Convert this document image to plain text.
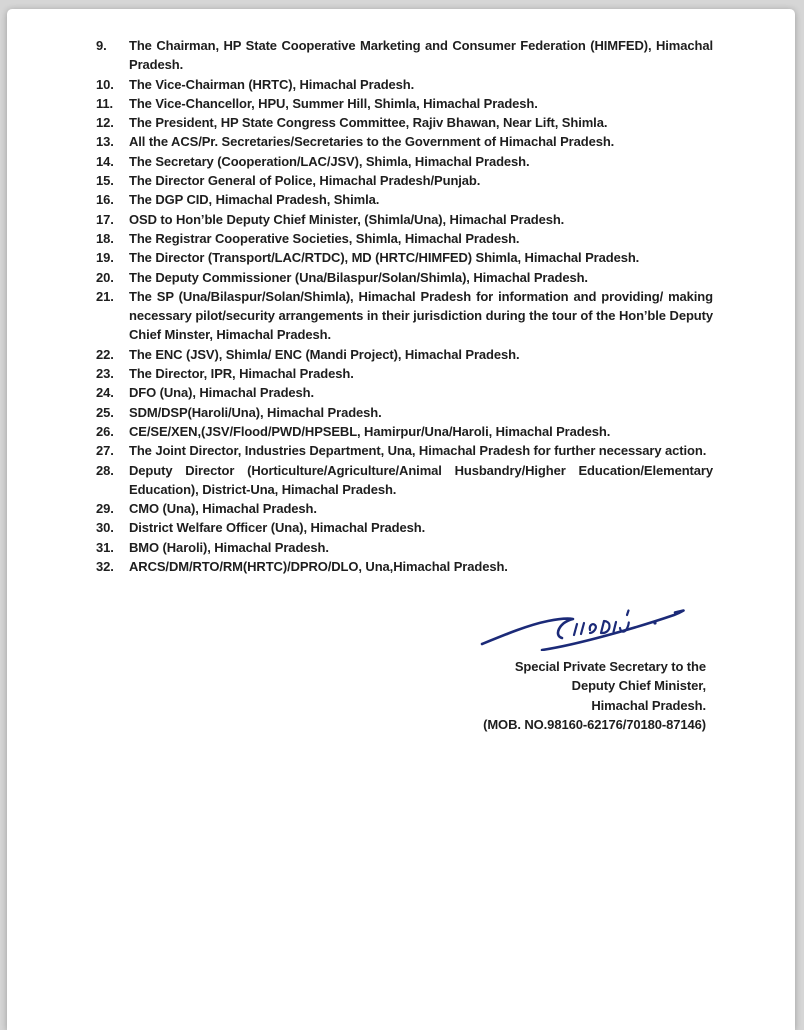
9.	The Chairman, HP State Cooperative Marketing and Consumer Federation (HIMFED), Himachal Pradesh.
10.	The Vice-Chairman (HRTC), Himachal Pradesh.
11.	The Vice-Chancellor, HPU, Summer Hill, Shimla, Himachal Pradesh.
12.	The President, HP State Congress Committee, Rajiv Bhawan, Near Lift, Shimla.
13.	All the ACS/Pr. Secretaries/Secretaries to the Government of Himachal Pradesh.
14.	The Secretary (Cooperation/LAC/JSV), Shimla, Himachal Pradesh.
15.	The Director General of Police, Himachal Pradesh/Punjab.
16.	The DGP CID, Himachal Pradesh, Shimla.
17.	OSD to Hon’ble Deputy Chief Minister, (Shimla/Una), Himachal Pradesh.
18.	The Registrar Cooperative Societies, Shimla, Himachal Pradesh.
19.	The Director (Transport/LAC/RTDC), MD (HRTC/HIMFED) Shimla, Himachal Pradesh.
20.	The Deputy Commissioner (Una/Bilaspur/Solan/Shimla), Himachal Pradesh.
21.	The SP (Una/Bilaspur/Solan/Shimla), Himachal Pradesh for information and providing/ making necessary pilot/security arrangements in their jurisdiction during the tour of the Hon’ble Deputy Chief Minster, Himachal Pradesh.
22.	The ENC (JSV), Shimla/ ENC (Mandi Project), Himachal Pradesh.
23.	The Director, IPR, Himachal Pradesh.
24.	DFO (Una), Himachal Pradesh.
25.	SDM/DSP(Haroli/Una), Himachal Pradesh.
26.	CE/SE/XEN,(JSV/Flood/PWD/HPSEBL, Hamirpur/Una/Haroli, Himachal Pradesh.
27.	The Joint Director, Industries Department, Una, Himachal Pradesh for further necessary action.
28.	Deputy Director (Horticulture/Agriculture/Animal Husbandry/Higher Education/Elementary Education), District-Una, Himachal Pradesh.
29.	CMO (Una), Himachal Pradesh.
30.	District Welfare Officer (Una), Himachal Pradesh.
31.	BMO (Haroli), Himachal Pradesh.
32.	ARCS/DM/RTO/RM(HRTC)/DPRO/DLO, Una,Himachal Pradesh.
Special Private Secretary to the
Deputy Chief Minister,
Himachal Pradesh.
(MOB. NO.98160-62176/70180-87146)
